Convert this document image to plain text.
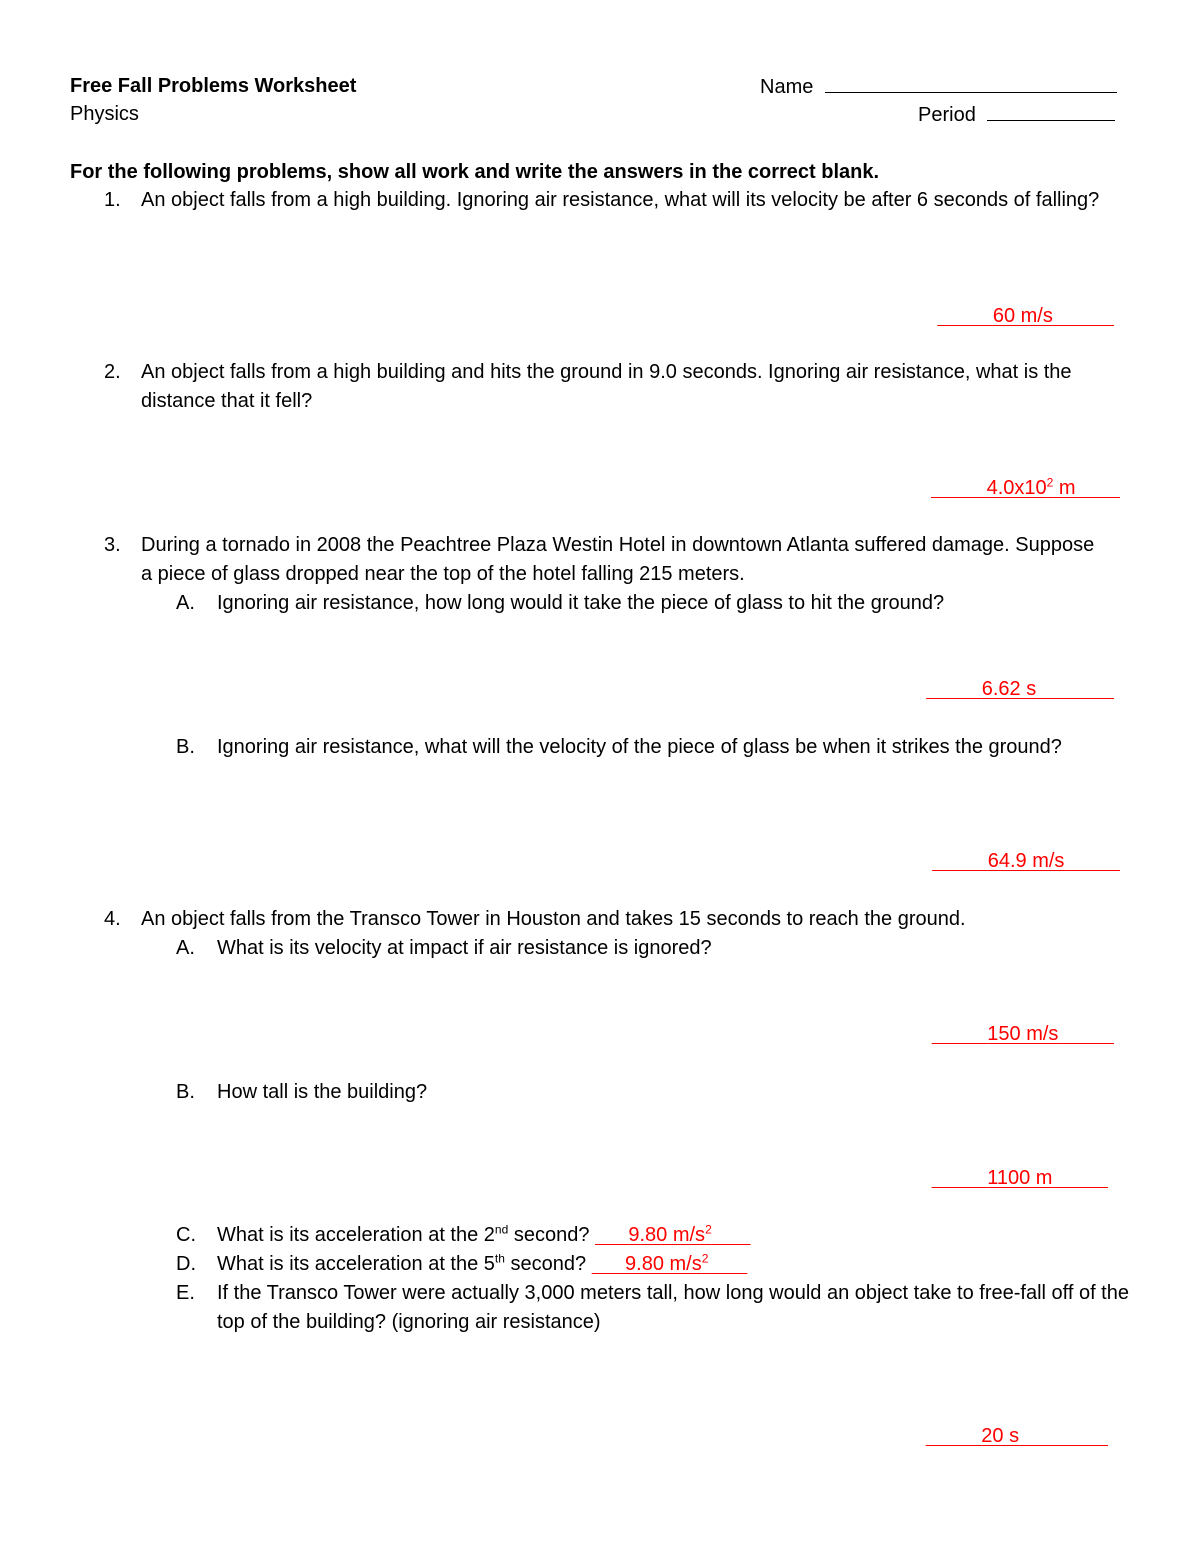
Free Fall Problems Worksheet
Physics
Name
Period
For the following problems, show all work and write the answers in the correct blank.
1. An object falls from a high building. Ignoring air resistance, what will its velocity be after 6 seconds of falling?
60 m/s
2. An object falls from a high building and hits the ground in 9.0 seconds. Ignoring air resistance, what is the distance that it fell?
$4.0x10^2$ m
3. During a tornado in 2008 the Peachtree Plaza Westin Hotel in downtown Atlanta suffered damage. Suppose a piece of glass dropped near the top of the hotel falling 215 meters.
A. Ignoring air resistance, how long would it take the piece of glass to hit the ground?
6.62 s
B. Ignoring air resistance, what will the velocity of the piece of glass be when it strikes the ground?
64.9 m/s
4. An object falls from the Transco Tower in Houston and takes 15 seconds to reach the ground.
A. What is its velocity at impact if air resistance is ignored?
150 m/s
B. How tall is the building?
1100 m
C. What is its acceleration at the 2nd second? 9.80 $m/s^2$
D. What is its acceleration at the 5th second? 9.80 $m/s^2$
E. If the Transco Tower were actually 3,000 meters tall, how long would an object take to free-fall off of the top of the building? (ignoring air resistance)
20 s
